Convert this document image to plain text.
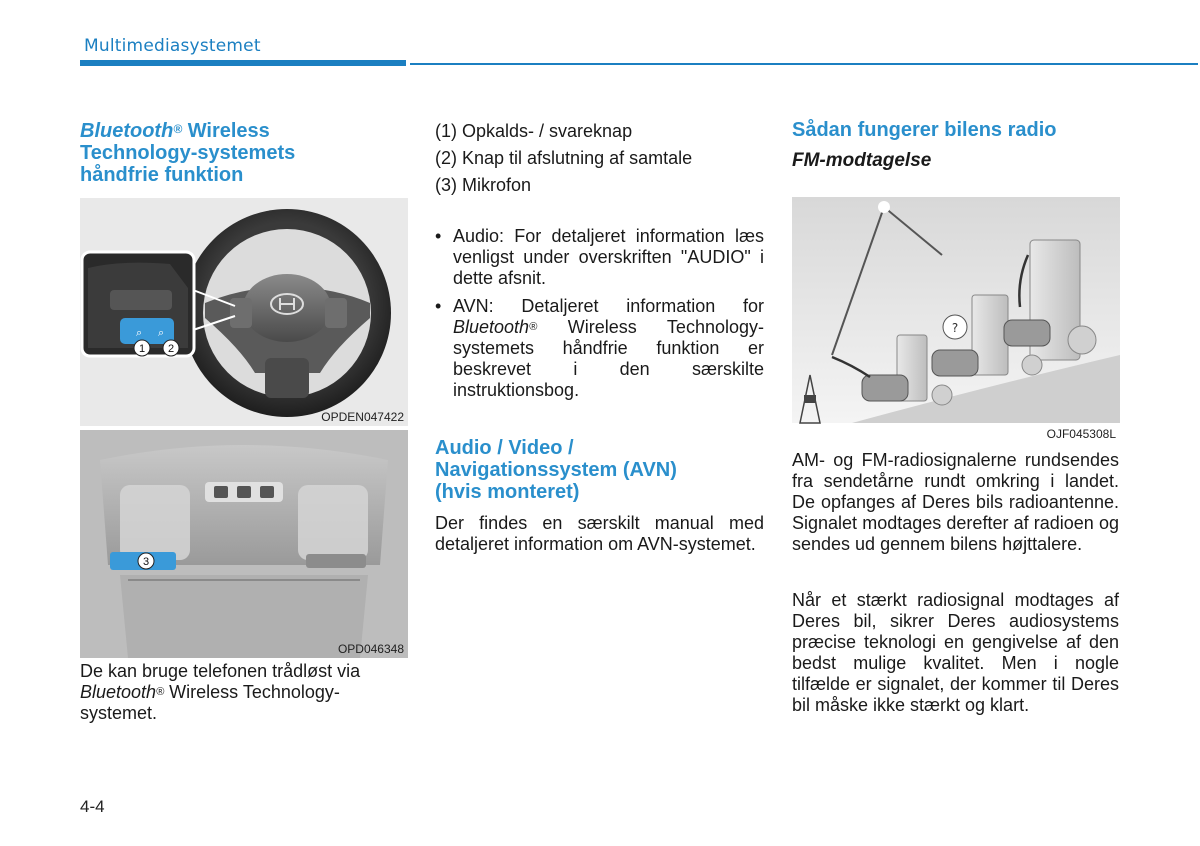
Multimediasystemet
Bluetooth® Wireless
Technology-systemets
håndfrie funktion
⌕ ⌕
1 2
OPDEN047422
3
OPD046348
De kan bruge telefonen trådløst via
Bluetooth® Wireless Technology-
systemet.
(1) Opkalds- / svareknap
(2) Knap til afslutning af samtale
(3) Mikrofon
• Audio: For detaljeret information læs venligst under overskriften "AUDIO" i dette afsnit.
• AVN: Detaljeret information for Bluetooth® Wireless Technology-systemets håndfrie funktion er beskrevet i den særskilte instruktionsbog.
Audio / Video /
Navigationssystem (AVN)
(hvis monteret)
Der findes en særskilt manual med detaljeret information om AVN-systemet.
Sådan fungerer bilens radio
FM-modtagelse
?
OJF045308L
AM- og FM-radiosignalerne rundsendes fra sendetårne rundt omkring i landet. De opfanges af Deres bils radioantenne. Signalet modtages derefter af radioen og sendes ud gennem bilens højttalere.
Når et stærkt radiosignal modtages af Deres bil, sikrer Deres audiosystems præcise teknologi en gengivelse af den bedst mulige kvalitet. Men i nogle tilfælde er signalet, der kommer til Deres bil måske ikke stærkt og klart.
4-4
